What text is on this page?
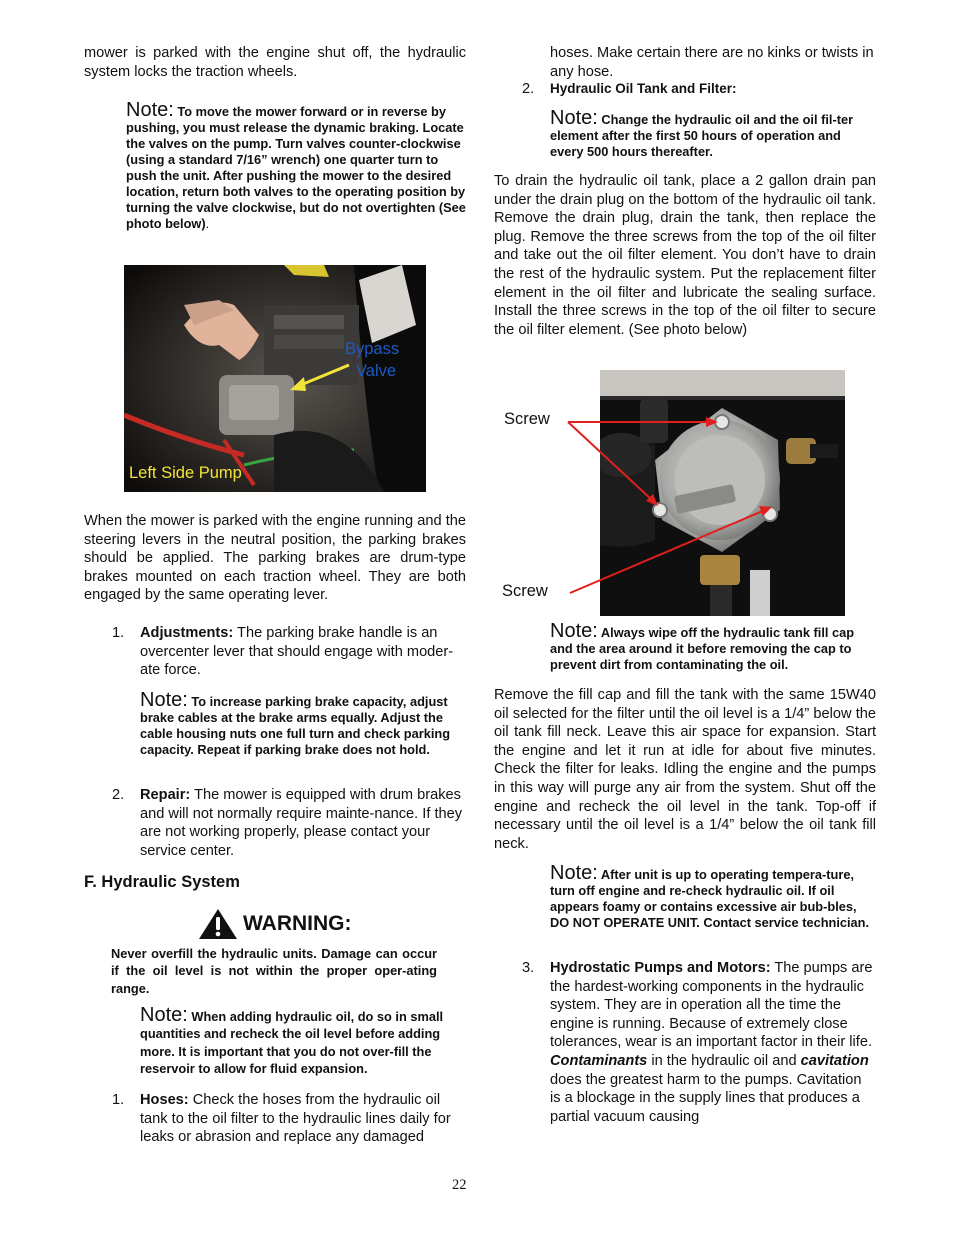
mower is parked with the engine shut off, the hydraulic

system locks the traction wheels.

Note: To move the mower forward or in reverse by pushing, you must release the dynamic braking. Locate the valves on the pump. Turn valves counter-clockwise (using a standard 7/16” wrench) one quarter turn to push the unit. After pushing the mower to the desired location, return both valves to the operating position by turning the valve clockwise, but do not overtighten (See photo below).
Bypass
Valve
Left Side Pump

When the mower is parked with the engine running and the steering levers in the neutral position, the parking brakes should be applied. The parking brakes are drum-type brakes mounted on each traction wheel. They are both engaged by the same operating lever.

1. Adjustments: The parking brake handle is an overcenter lever that should engage with moder-ate force.

Note: To increase parking brake capacity, adjust brake cables at the brake arms equally. Adjust the cable housing nuts one full turn and check parking capacity. Repeat if parking brake does not hold.
2. Repair: The mower is equipped with drum brakes and will not normally require mainte-nance. If they are not working properly, please contact your service center.

F. Hydraulic System
WARNING:

Never overfill the hydraulic units. Damage can occur if the oil level is not within the proper oper-ating range.

Note: When adding hydraulic oil, do so in small quantities and recheck the oil level before adding more. It is important that you do not over-fill the reservoir to allow for fluid expansion.
1. Hoses: Check the hoses from the hydraulic oil tank to the oil filter to the hydraulic lines daily for leaks or abrasion and replace any damaged

hoses. Make certain there are no kinks or twists in any hose.

2. Hydraulic Oil Tank and Filter:

Note: Change the hydraulic oil and the oil fil-ter element after the first 50 hours of operation and every 500 hours thereafter.

To drain the hydraulic oil tank, place a 2 gallon drain pan under the drain plug on the bottom of the hydraulic oil tank. Remove the drain plug, drain the tank, then replace the plug. Remove the three screws from the top of the oil filter and take out the oil filter element. You don’t have to drain the rest of the hydraulic system. Put the replacement filter element in the oil filter and lubricate the sealing surface. Install the three screws in the top of the oil filter to secure the oil filter element. (See photo below)

Screw
Screw
Note: Always wipe off the hydraulic tank fill cap and the area around it before removing the cap to prevent dirt from contaminating the oil.

Remove the fill cap and fill the tank with the same 15W40 oil selected for the filter until the oil level is a 1/4” below the oil tank fill neck. Leave this air space for expansion. Start the engine and let it run at idle for about five minutes. Check the filter for leaks. Idling the engine and the pumps in this way will purge any air from the system. Shut off the engine and recheck the oil level in the tank. Top-off if necessary until the oil level is a 1/4” below the oil tank fill neck.

Note: After unit is up to operating tempera-ture, turn off engine and re-check hydraulic oil. If oil appears foamy or contains excessive air bub-bles, DO NOT OPERATE UNIT. Contact service technician.
3. Hydrostatic Pumps and Motors: The pumps are the hardest-working components in the hydraulic system. They are in operation all the time the engine is running. Because of extremely close tolerances, wear is an important factor in their life. Contaminants in the hydraulic oil and cavitation does the greatest harm to the pumps. Cavitation is a blockage in the supply lines that produces a partial vacuum causing

22
